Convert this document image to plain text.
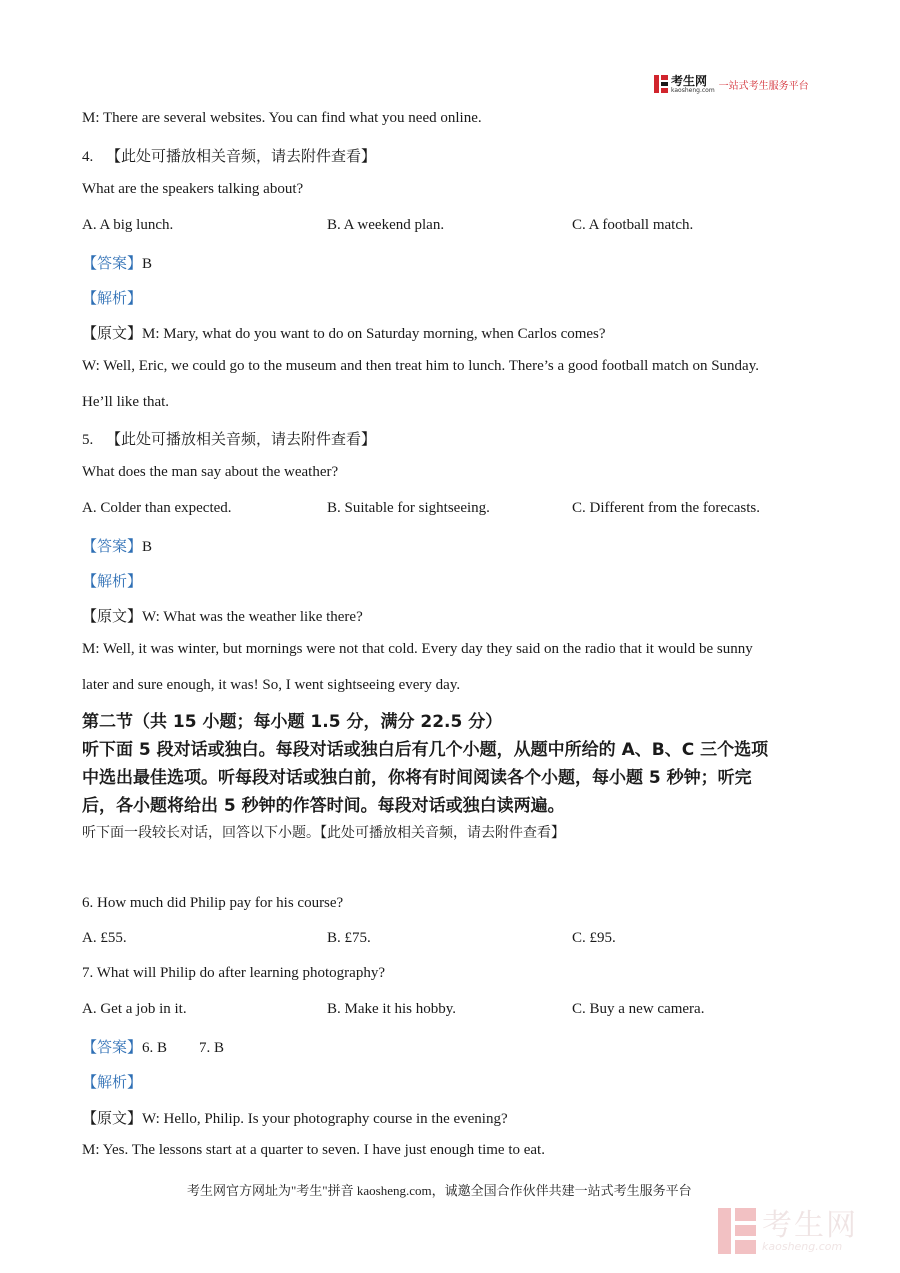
考生网
kaosheng.com 一站式考生服务平台
M: There are several websites. You can find what you need online.
4. 【此处可播放相关音频，请去附件查看】
What are the speakers talking about?
A. A big lunch.	B. A weekend plan.	C. A football match.
【答案】B
【解析】
【原文】M: Mary, what do you want to do on Saturday morning, when Carlos comes?
W: Well, Eric, we could go to the museum and then treat him to lunch. There’s a good football match on Sunday.
He’ll like that.
5. 【此处可播放相关音频，请去附件查看】
What does the man say about the weather?
A. Colder than expected.	B. Suitable for sightseeing.	C. Different from the forecasts.
【答案】B
【解析】
【原文】W: What was the weather like there?
M: Well, it was winter, but mornings were not that cold. Every day they said on the radio that it would be sunny
later and sure enough, it was! So, I went sightseeing every day.
第二节（共 15 小题；每小题 1.5 分，满分 22.5 分）
听下面 5 段对话或独白。每段对话或独白后有几个小题，从题中所给的 A、B、C 三个选项
中选出最佳选项。听每段对话或独白前，你将有时间阅读各个小题，每小题 5 秒钟；听完
后，各小题将给出 5 秒钟的作答时间。每段对话或独白读两遍。
听下面一段较长对话，回答以下小题。【此处可播放相关音频，请去附件查看】
6. How much did Philip pay for his course?
A. £55.	B. £75.	C. £95.
7. What will Philip do after learning photography?
A. Get a job in it.	B. Make it his hobby.	C. Buy a new camera.
【答案】6. B 7. B
【解析】
【原文】W: Hello, Philip. Is your photography course in the evening?
M: Yes. The lessons start at a quarter to seven. I have just enough time to eat.
考生网官方网址为"考生"拼音 kaosheng.com，诚邀全国合作伙伴共建一站式考生服务平台
考生网
kaosheng.com
